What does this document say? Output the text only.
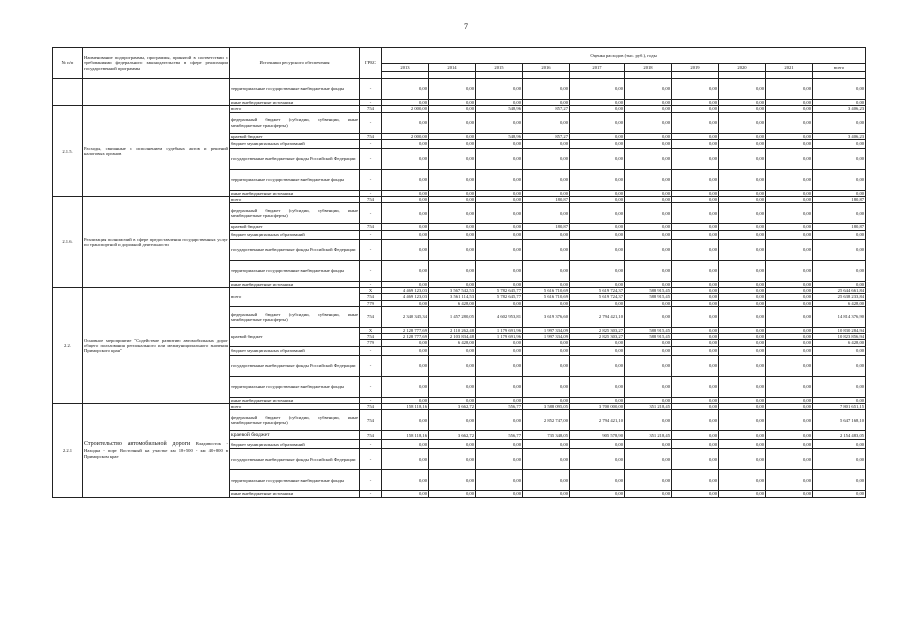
7
№ п/п	Наименование подпрограммы, программы, принятой в соответствии с требованиями федерального законодательства в сфере реализации государственной программы	Источники ресурсного обеспечения	ГРБС	Оценка расходов (тыс. руб.), годы									
				2013	2014	2015	2016	2017	2018	2019	2020	2021	всего

		территориальные государственные внебюджетные фонды	-	0,00	0,00	0,00	0,00	0,00	0,00	0,00	0,00	0,00	0,00
		иные внебюджетные источники	-	0,00	0,00	0,00	0,00	0,00	0,00	0,00	0,00	0,00	0,00
2.1.5.	Расходы, связанные с исполнением судебных актов и решений налоговых органов	всего	754	2 000,00	0,00	548,96	857,27	0,00	0,00	0,00	0,00	0,00	3 406,23
		федеральный бюджет (субсидии, субвенции, иные межбюджетные трансферты)	-	0,00	0,00	0,00	0,00	0,00	0,00	0,00	0,00	0,00	0,00
		краевой бюджет	754	2 000,00	0,00	548,96	857,27	0,00	0,00	0,00	0,00	0,00	3 406,23
		бюджет муниципальных образований	-	0,00	0,00	0,00	0,00	0,00	0,00	0,00	0,00	0,00	0,00
		государственные внебюджетные фонды Российской Федерации	-	0,00	0,00	0,00	0,00	0,00	0,00	0,00	0,00	0,00	0,00
		территориальные государственные внебюджетные фонды	-	0,00	0,00	0,00	0,00	0,00	0,00	0,00	0,00	0,00	0,00
		иные внебюджетные источники	-	0,00	0,00	0,00	0,00	0,00	0,00	0,00	0,00	0,00	0,00
2.1.6.	Реализация полномочий в сфере предоставления государственных услуг по транспортной и дорожной деятельности	всего	754	0,00	0,00	0,00	180,87	0,00	0,00	0,00	0,00	0,00	180,87
		федеральный бюджет (субсидии, субвенции, иные межбюджетные трансферты)	-	0,00	0,00	0,00	0,00	0,00	0,00	0,00	0,00	0,00	0,00
		краевой бюджет	754	0,00	0,00	0,00	180,87	0,00	0,00	0,00	0,00	0,00	180,87
		бюджет муниципальных образований	-	0,00	0,00	0,00	0,00	0,00	0,00	0,00	0,00	0,00	0,00
		государственные внебюджетные фонды Российской Федерации	-	0,00	0,00	0,00	0,00	0,00	0,00	0,00	0,00	0,00	0,00
		территориальные государственные внебюджетные фонды	-	0,00	0,00	0,00	0,00	0,00	0,00	0,00	0,00	0,00	0,00
		иные внебюджетные источники	-	0,00	0,00	0,00	0,00	0,00	0,00	0,00	0,00	0,00	0,00
2.2.	Основное мероприятие "Содействие развитию автомобильных дорог общего пользования регионального или межмуниципального значения Приморского края"	всего	X	4 469 123,03	3 567 542,53	5 782 645,77	5 616 710,69	5 619 724,37	588 915,45	0,00	0,00	0,00	25 644 661,84
			754	4 469 123,03	3 561 114,53	5 782 645,77	5 616 710,69	5 619 724,37	588 915,45	0,00	0,00	0,00	25 638 233,84
			779	0,00	6 428,00	0,00	0,00	0,00	0,00	0,00	0,00	0,00	6 428,00
		федеральный бюджет (субсидии, субвенции, иные межбюджетные трансферты)	754	2 340 345,34	1 457 280,05	4 602 953,81	3 619 376,60	2 794 421,10	0,00	0,00	0,00	0,00	14 814 376,90
		краевой бюджет	X	2 128 777,69	2 110 262,48	1 179 691,96	1 997 334,09	2 825 303,27	588 915,45	0,00	0,00	0,00	10 830 284,94
			754	2 128 777,69	2 103 834,48	1 179 691,96	1 997 334,09	2 825 303,27	588 915,45	0,00	0,00	0,00	10 823 856,94
			779	0,00	6 428,00	0,00	0,00	0,00	0,00	0,00	0,00	0,00	6 428,00
		бюджет муниципальных образований	-	0,00	0,00	0,00	0,00	0,00	0,00	0,00	0,00	0,00	0,00
		государственные внебюджетные фонды Российской Федерации	-	0,00	0,00	0,00	0,00	0,00	0,00	0,00	0,00	0,00	0,00
		территориальные государственные внебюджетные фонды	-	0,00	0,00	0,00	0,00	0,00	0,00	0,00	0,00	0,00	0,00
		иные внебюджетные источники	-	0,00	0,00	0,00	0,00	0,00	0,00	0,00	0,00	0,00	0,00
2.2.1	Строительство автомобильной дороги Владивосток - Находка - порт Восточный на участке км 18+500 - км 40+800 в Приморском крае	всего	754	158 118,16	3 662,72	556,77	3 588 095,05	3 700 000,00	351 218,45	0,00	0,00	0,00	7 801 651,15
		федеральный бюджет (субсидии, субвенции, иные межбюджетные трансферты)	754	0,00	0,00	0,00	2 852 747,00	2 794 421,10	0,00	0,00	0,00	0,00	5 647 168,10
		краевой бюджет	754	158 118,16	3 662,72	556,77	735 348,05	905 578,90	351 218,45	0,00	0,00	0,00	2 154 483,05
		бюджет муниципальных образований	-	0,00	0,00	0,00	0,00	0,00	0,00	0,00	0,00	0,00	0,00
		государственные внебюджетные фонды Российской Федерации	-	0,00	0,00	0,00	0,00	0,00	0,00	0,00	0,00	0,00	0,00
		территориальные государственные внебюджетные фонды	-	0,00	0,00	0,00	0,00	0,00	0,00	0,00	0,00	0,00	0,00
		иные внебюджетные источники	-	0,00	0,00	0,00	0,00	0,00	0,00	0,00	0,00	0,00	0,00
